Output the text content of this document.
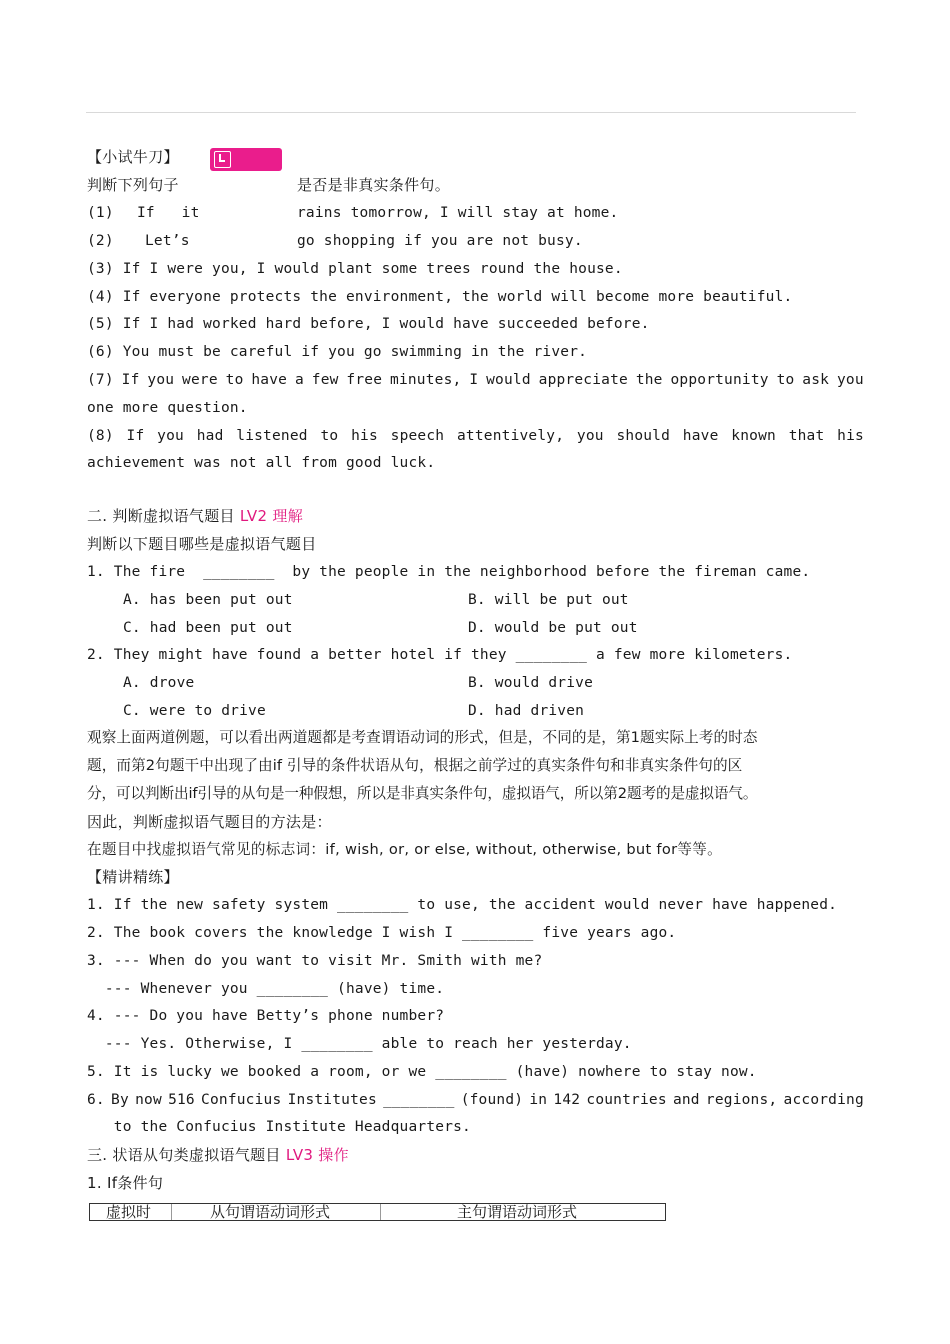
【小试牛刀】
判断下列句子	是否是非真实条件句。
(1) If   it	rains tomorrow, I will stay at home.
(2) Let’s	go shopping if you are not busy.
(3) If I were you, I would plant some trees round the house.
(4) If everyone protects the environment, the world will become more beautiful.
(5) If I had worked hard before, I would have succeeded before.
(6) You must be careful if you go swimming in the river.
(7) If you were to have a few free minutes, I would appreciate the opportunity to ask you
one more question.
(8) If you had listened to his speech attentively, you should have known that his
achievement was not all from good luck.
二. 判断虚拟语气题目 LV2 理解
判断以下题目哪些是虚拟语气题目
1. The fire  ________  by the people in the neighborhood before the fireman came.
A. has been put out	B. will be put out
C. had been put out	D. would be put out
2. They might have found a better hotel if they ________ a few more kilometers.
A. drove	B. would drive
C. were to drive	D. had driven
观察上面两道例题，可以看出两道题都是考查谓语动词的形式，但是，不同的是，第1题实际上考的时态
题，而第2句题干中出现了由if 引导的条件状语从句，根据之前学过的真实条件句和非真实条件句的区
分，可以判断出if引导的从句是一种假想，所以是非真实条件句，虚拟语气，所以第2题考的是虚拟语气。
因此，判断虚拟语气题目的方法是：
在题目中找虚拟语气常见的标志词：if, wish, or, or else, without, otherwise, but for等等。
【精讲精练】
1. If the new safety system ________ to use, the accident would never have happened.
2. The book covers the knowledge I wish I ________ five years ago.
3. --- When do you want to visit Mr. Smith with me?
--- Whenever you ________ (have) time.
4. --- Do you have Betty’s phone number?
--- Yes. Otherwise, I ________ able to reach her yesterday.
5. It is lucky we booked a room, or we ________ (have) nowhere to stay now.
6. By now 516 Confucius Institutes ________ (found) in 142 countries and regions, according
to the Confucius Institute Headquarters.
三. 状语从句类虚拟语气题目 LV3 操作
1. If条件句
虚拟时	从句谓语动词形式	主句谓语动词形式
